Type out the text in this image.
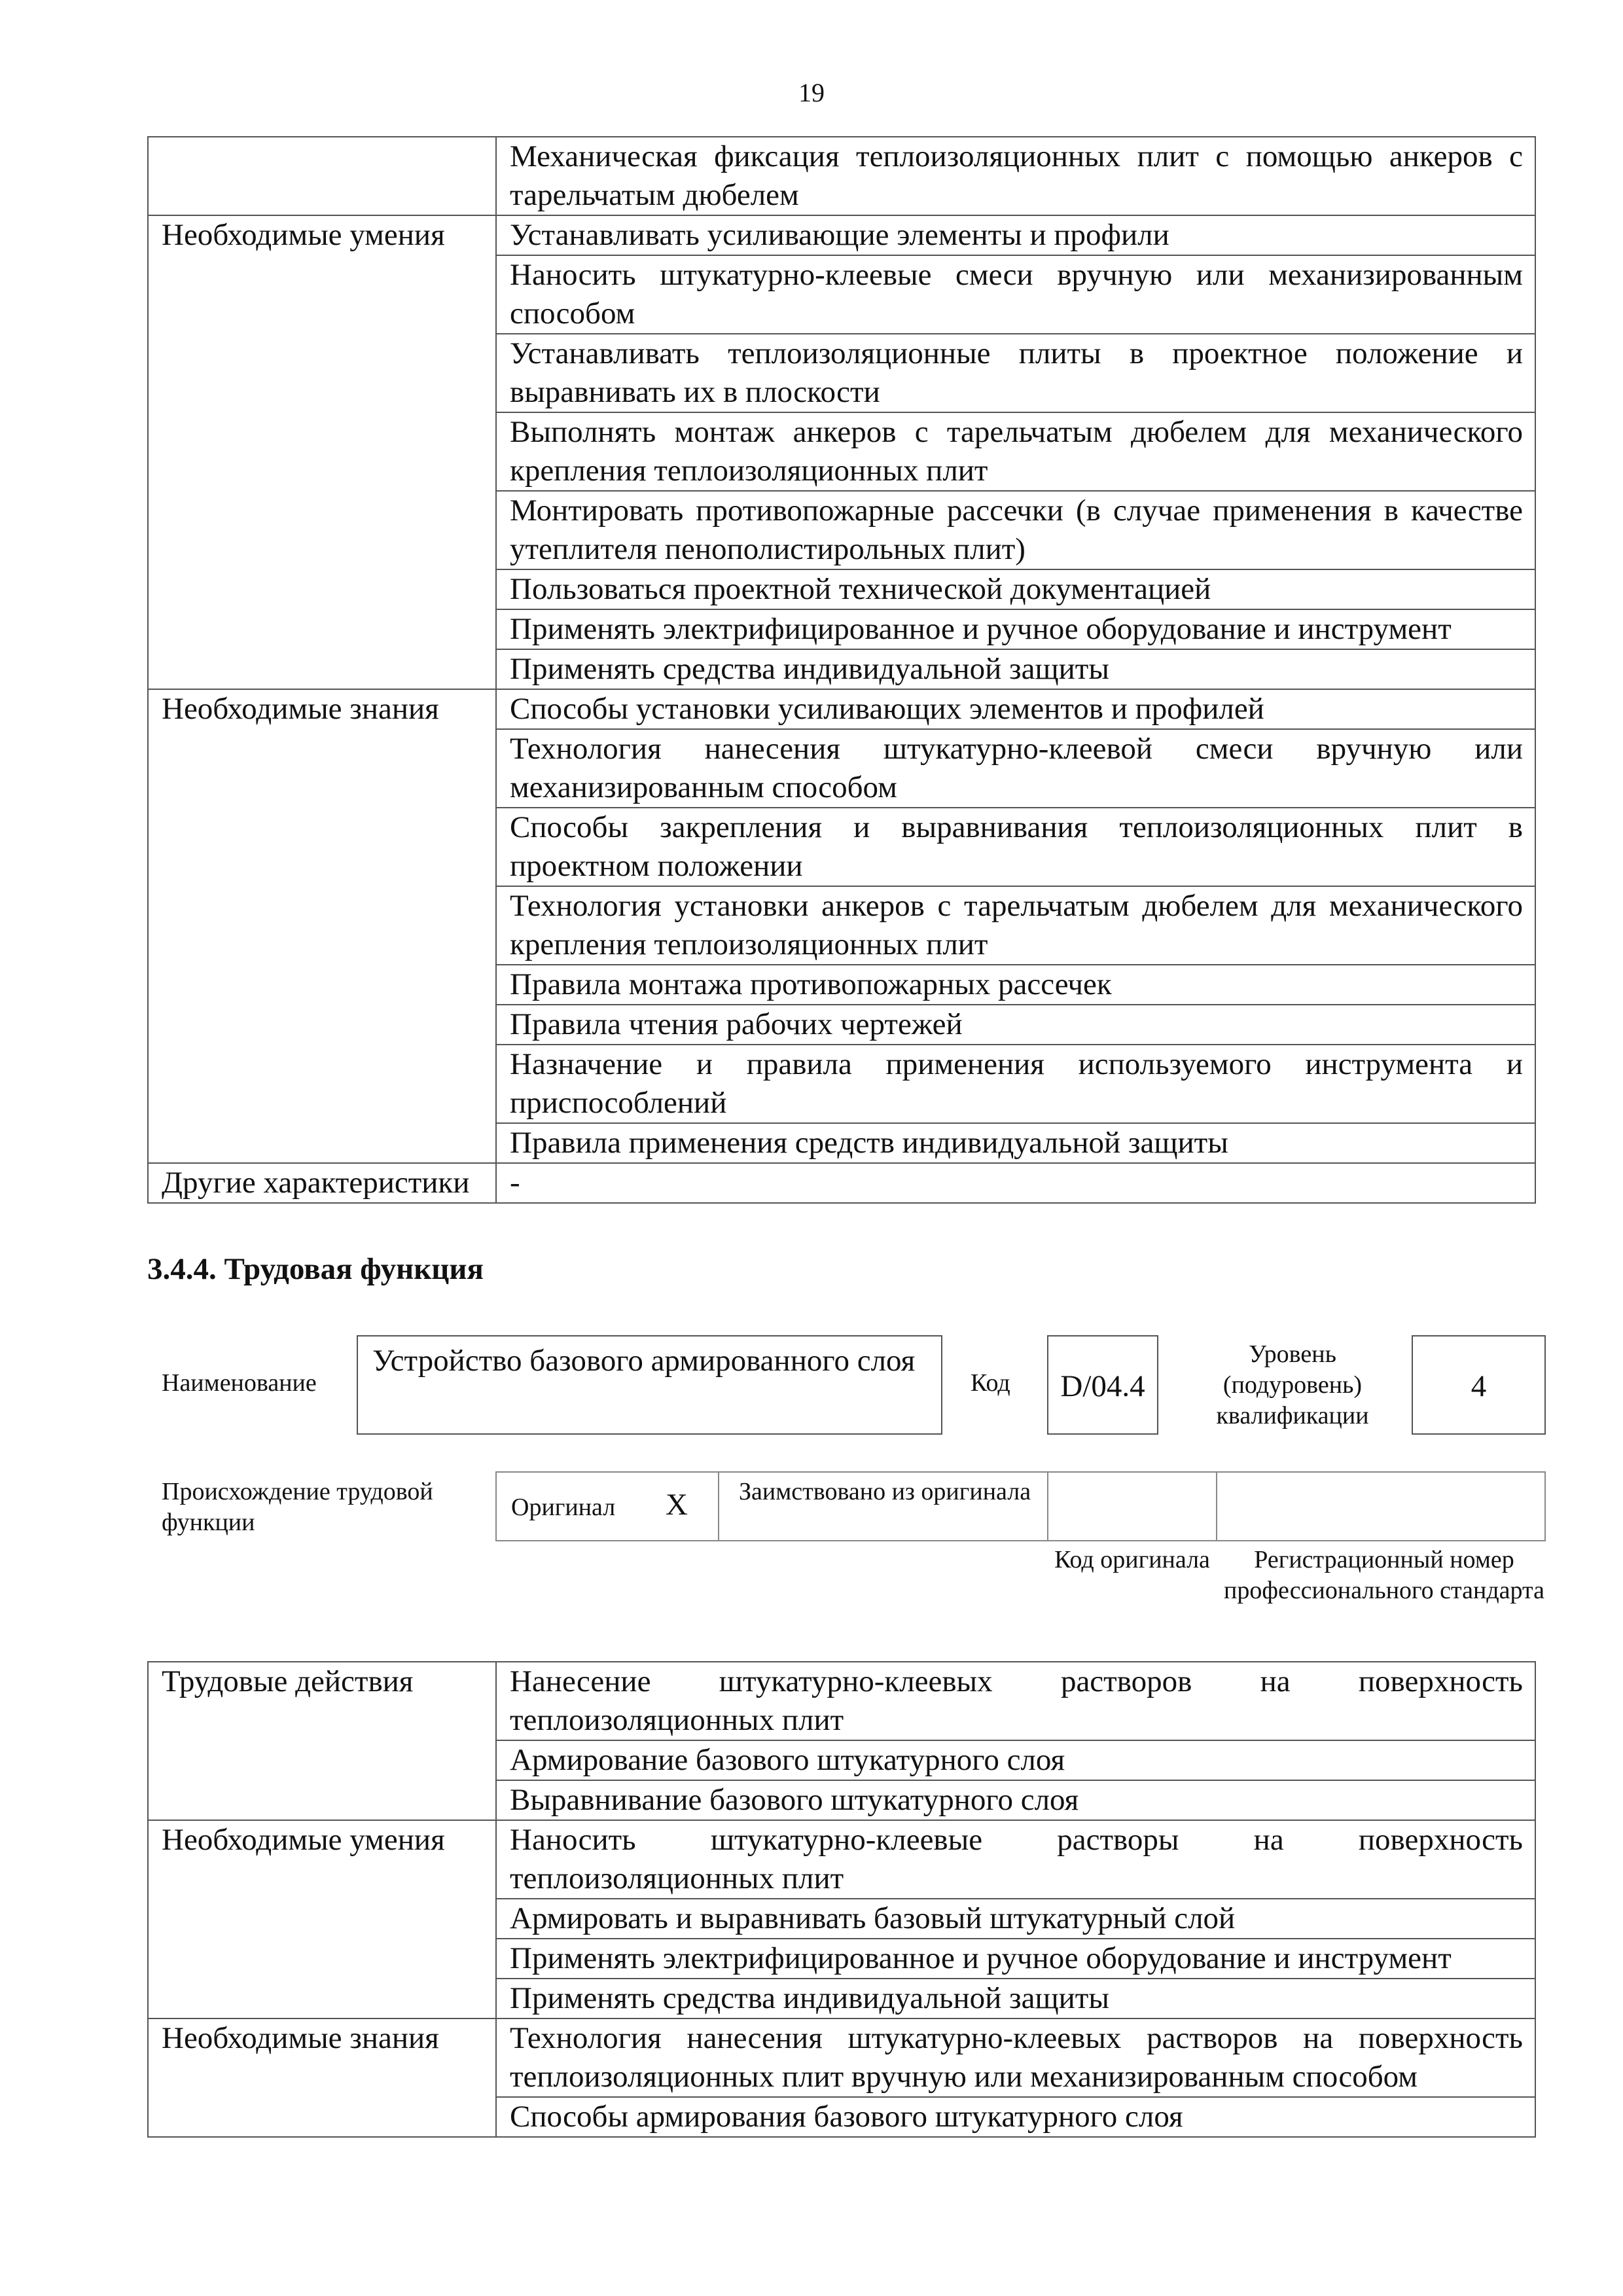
19
	Механическая фиксация теплоизоляционных плит с помощью анкеров с тарельчатым дюбелем
Необходимые умения	Устанавливать усиливающие элементы и профили
	Наносить штукатурно-клеевые смеси вручную или механизированным способом
	Устанавливать теплоизоляционные плиты в проектное положение и выравнивать их в плоскости
	Выполнять монтаж анкеров с тарельчатым дюбелем для механического крепления теплоизоляционных плит
	Монтировать противопожарные рассечки (в случае применения в качестве утеплителя пенополистирольных плит)
	Пользоваться проектной технической документацией
	Применять электрифицированное и ручное оборудование и инструмент
	Применять средства индивидуальной защиты
Необходимые знания	Способы установки усиливающих элементов и профилей
	Технология нанесения штукатурно-клеевой смеси вручную или механизированным способом
	Способы закрепления и выравнивания теплоизоляционных плит в проектном положении
	Технология установки анкеров с тарельчатым дюбелем для механического крепления теплоизоляционных плит
	Правила монтажа противопожарных рассечек
	Правила чтения рабочих чертежей
	Назначение и правила применения используемого инструмента и приспособлений
	Правила применения средств индивидуальной защиты
Другие характеристики	-
3.4.4. Трудовая функция
Наименование
Устройство базового армированного слоя
Код	D/04.4
Уровень (подуровень) квалификации
4
Происхождение трудовой функции
Оригинал X Заимствовано из оригинала
Код оригинала	Регистрационный номер профессионального стандарта
Трудовые действия	Нанесение штукатурно-клеевых растворов на поверхность теплоизоляционных плит
	Армирование базового штукатурного слоя
	Выравнивание базового штукатурного слоя
Необходимые умения	Наносить штукатурно-клеевые растворы на поверхность теплоизоляционных плит
	Армировать и выравнивать базовый штукатурный слой
	Применять электрифицированное и ручное оборудование и инструмент
	Применять средства индивидуальной защиты
Необходимые знания	Технология нанесения штукатурно-клеевых растворов на поверхность теплоизоляционных плит вручную или механизированным способом
	Способы армирования базового штукатурного слоя
